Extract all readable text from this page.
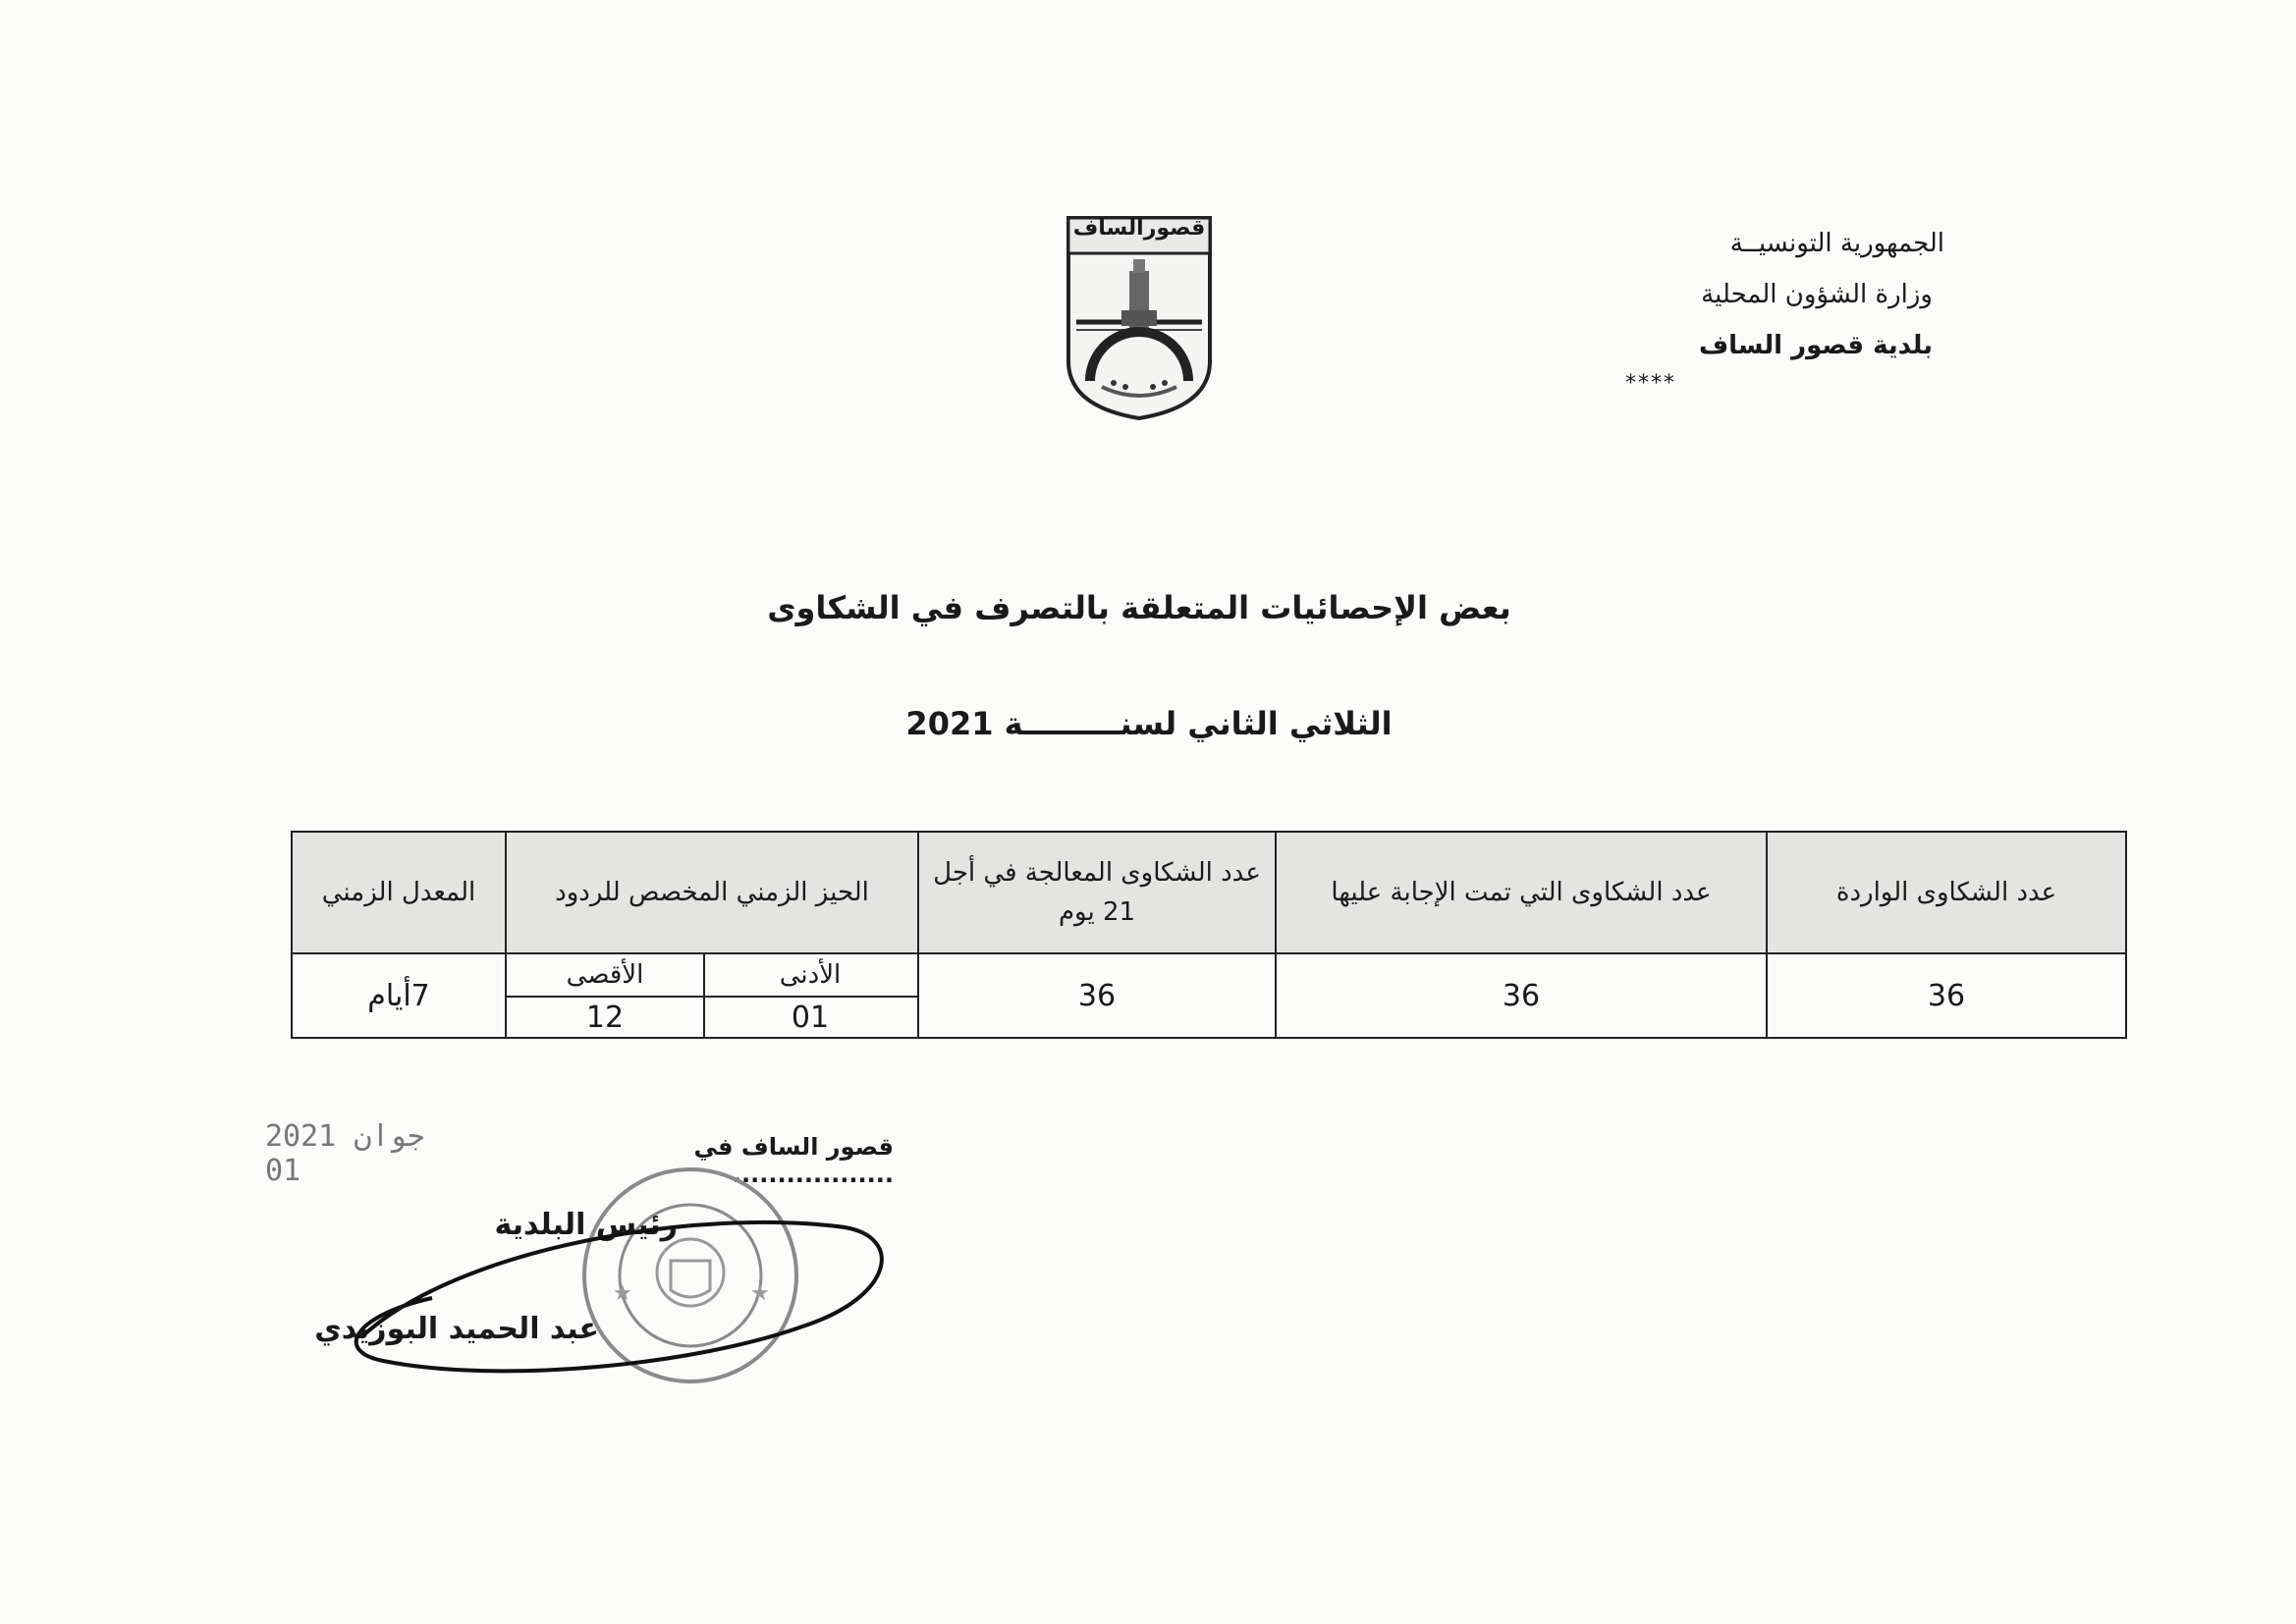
الجمهورية التونسيــة
وزارة الشؤون المحلية
بلدية قصور الساف
****
قصورالساف
بعض الإحصائيات المتعلقة بالتصرف في الشكاوى
الثلاثي الثاني لسنـــــــــة 2021
عدد الشكاوى الواردة
عدد الشكاوى التي تمت الإجابة عليها
عدد الشكاوى المعالجة في أجل 21 يوم
الحيز الزمني المخصص للردود
المعدل الزمني
الأدنى
الأقصى
36
36
36
01
12
7أيام
قصور الساف في ..................
2021 جوان 01
★	★
رئيس البلدية
عبد الحميد البوزيدي
